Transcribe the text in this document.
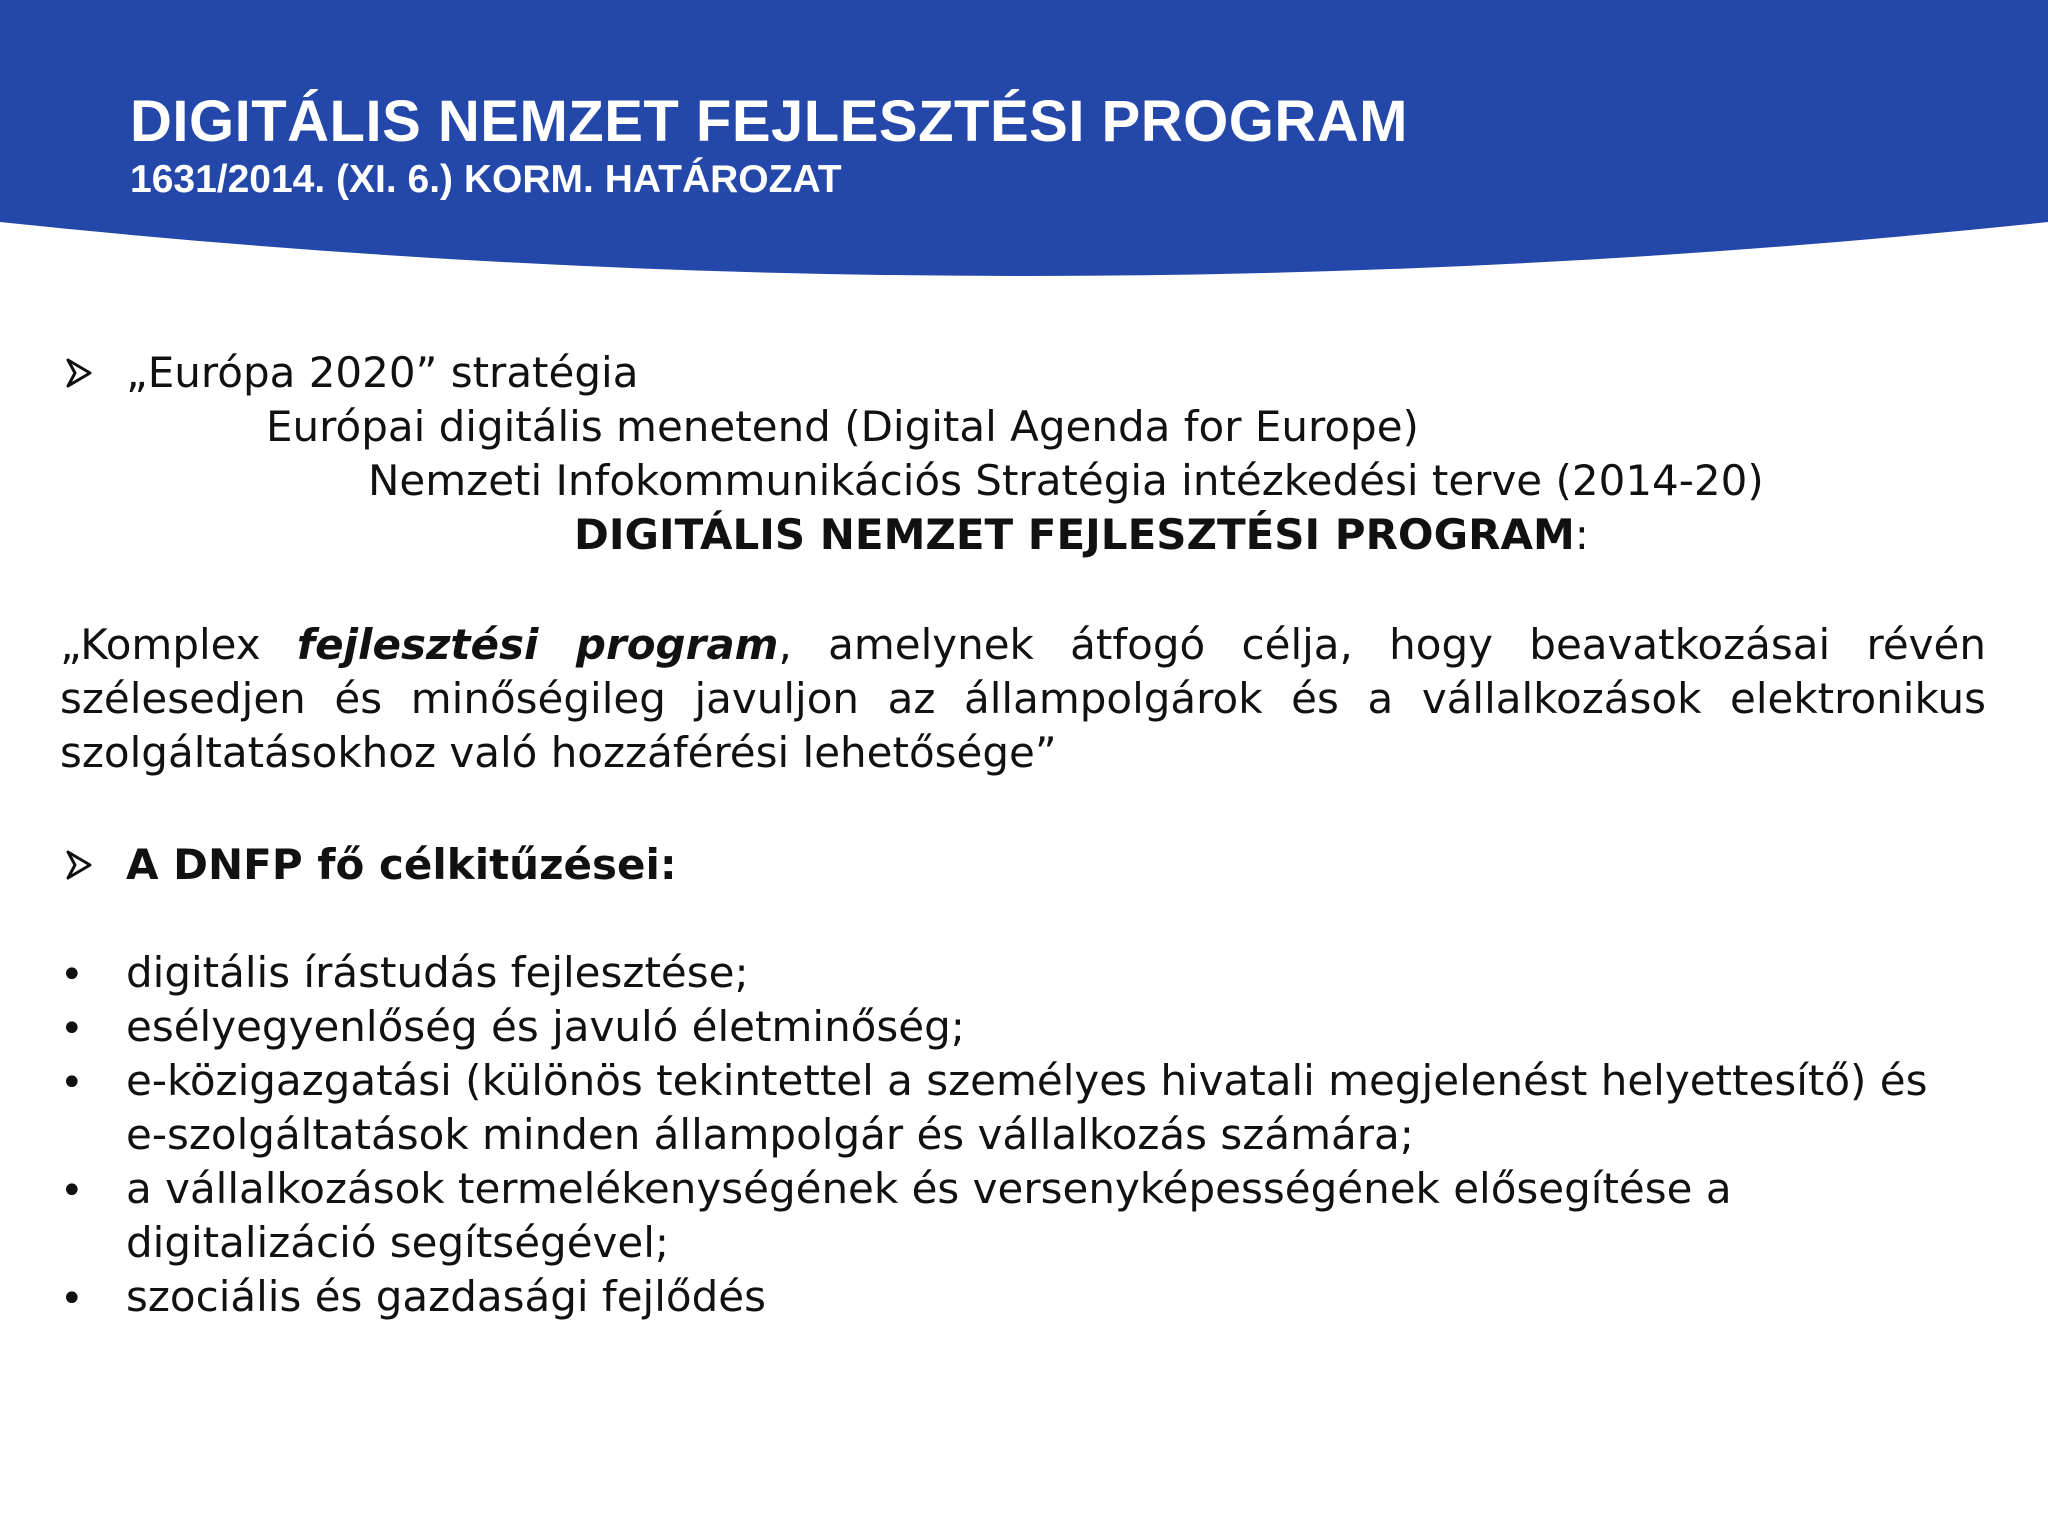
DIGITÁLIS NEMZET FEJLESZTÉSI PROGRAM
1631/2014. (XI. 6.) KORM. HATÁROZAT
„Európa 2020” stratégia
Európai digitális menetend (Digital Agenda for Europe)
Nemzeti Infokommunikációs Stratégia intézkedési terve (2014-20)
DIGITÁLIS NEMZET FEJLESZTÉSI PROGRAM:
„Komplex fejlesztési program, amelynek átfogó célja, hogy beavatkozásai révén szélesedjen és minőségileg javuljon az állampolgárok és a vállalkozások elektronikus szolgáltatásokhoz való hozzáférési lehetősége”
A DNFP fő célkitűzései:
• digitális írástudás fejlesztése;
• esélyegyenlőség és javuló életminőség;
• e-közigazgatási (különös tekintettel a személyes hivatali megjelenést helyettesítő) és
e-szolgáltatások minden állampolgár és vállalkozás számára;
• a vállalkozások termelékenységének és versenyképességének elősegítése a
digitalizáció segítségével;
• szociális és gazdasági fejlődés
